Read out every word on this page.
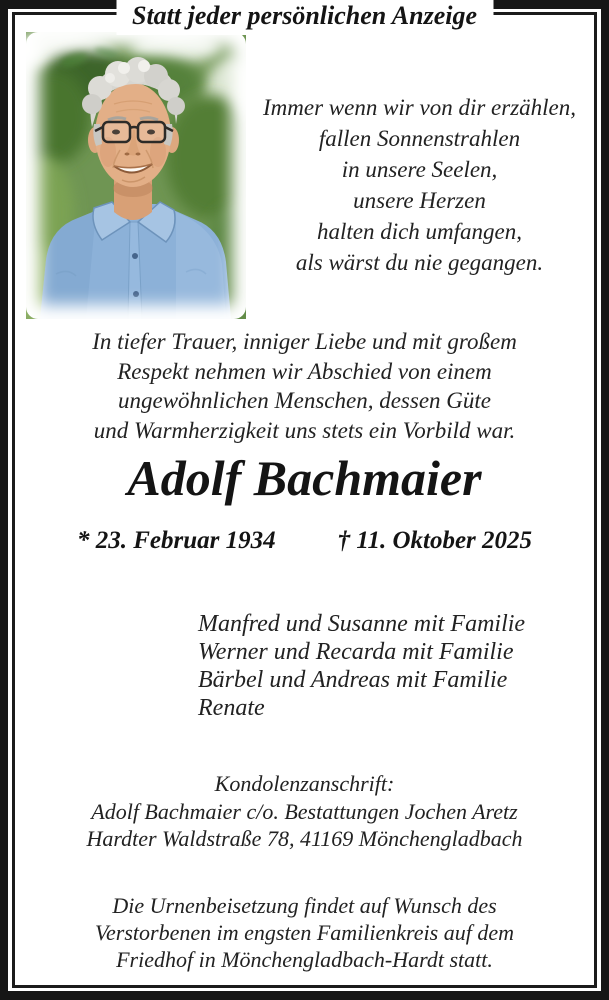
Statt jeder persönlichen Anzeige
Immer wenn wir von dir erzählen,
fallen Sonnenstrahlen
in unsere Seelen,
unsere Herzen
halten dich umfangen,
als wärst du nie gegangen.
In tiefer Trauer, inniger Liebe und mit großem
Respekt nehmen wir Abschied von einem
ungewöhnlichen Menschen, dessen Güte
und Warmherzigkeit uns stets ein Vorbild war.
Adolf Bachmaier
* 23. Februar 1934 † 11. Oktober 2025
Manfred und Susanne mit Familie
Werner und Recarda mit Familie
Bärbel und Andreas mit Familie
Renate
Kondolenzanschrift:
Adolf Bachmaier c/o. Bestattungen Jochen Aretz
Hardter Waldstraße 78, 41169 Mönchengladbach
Die Urnenbeisetzung findet auf Wunsch des
Verstorbenen im engsten Familienkreis auf dem
Friedhof in Mönchengladbach-Hardt statt.
